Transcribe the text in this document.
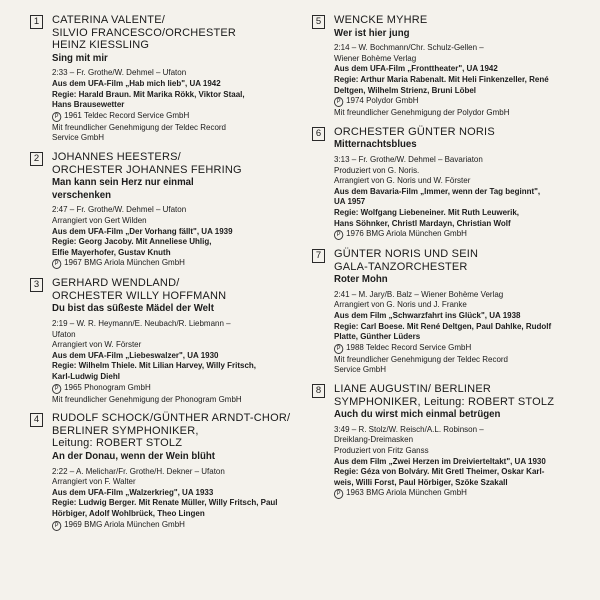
1	CATERINA VALENTE/
SILVIO FRANCESCO/ORCHESTER
HEINZ KIESSLING
Sing mit mir
2:33 – Fr. Grothe/W. Dehmel – Ufaton
Aus dem UFA-Film „Hab mich lieb", UA 1942
Regie: Harald Braun. Mit Marika Rökk, Viktor Staal,
Hans Brausewetter
P 1961 Teldec Record Service GmbH
Mit freundlicher Genehmigung der Teldec Record
Service GmbH
2	JOHANNES HEESTERS/
ORCHESTER JOHANNES FEHRING
Man kann sein Herz nur einmal
verschenken
2:47 – Fr. Grothe/W. Dehmel – Ufaton
Arrangiert von Gert Wilden
Aus dem UFA-Film „Der Vorhang fällt", UA 1939
Regie: Georg Jacoby. Mit Anneliese Uhlig,
Elfie Mayerhofer, Gustav Knuth
P 1967 BMG Ariola München GmbH
3	GERHARD WENDLAND/
ORCHESTER WILLY HOFFMANN
Du bist das süßeste Mädel der Welt
2:19 – W. R. Heymann/E. Neubach/R. Liebmann –
Ufaton
Arrangiert von W. Förster
Aus dem UFA-Film „Liebeswalzer", UA 1930
Regie: Wilhelm Thiele. Mit Lilian Harvey, Willy Fritsch,
Karl-Ludwig Diehl
P 1965 Phonogram GmbH
Mit freundlicher Genehmigung der Phonogram GmbH
4	RUDOLF SCHOCK/GÜNTHER ARNDT-CHOR/
BERLINER SYMPHONIKER,
Leitung: ROBERT STOLZ
An der Donau, wenn der Wein blüht
2:22 – A. Melichar/Fr. Grothe/H. Dekner – Ufaton
Arrangiert von F. Walter
Aus dem UFA-Film „Walzerkrieg", UA 1933
Regie: Ludwig Berger. Mit Renate Müller, Willy Fritsch, Paul
Hörbiger, Adolf Wohlbrück, Theo Lingen
P 1969 BMG Ariola München GmbH
5	WENCKE MYHRE
Wer ist hier jung
2:14 – W. Bochmann/Chr. Schulz-Gellen –
Wiener Bohème Verlag
Aus dem UFA-Film „Fronttheater", UA 1942
Regie: Arthur Maria Rabenalt. Mit Heli Finkenzeller, René
Deltgen, Wilhelm Strienz, Bruni Löbel
P 1974 Polydor GmbH
Mit freundlicher Genehmigung der Polydor GmbH
6	ORCHESTER GÜNTER NORIS
Mitternachtsblues
3:13 – Fr. Grothe/W. Dehmel – Bavariaton
Produziert von G. Noris.
Arrangiert von G. Noris und W. Förster
Aus dem Bavaria-Film „Immer, wenn der Tag beginnt",
UA 1957
Regie: Wolfgang Liebeneiner. Mit Ruth Leuwerik,
Hans Söhnker, Christl Mardayn, Christian Wolf
P 1976 BMG Ariola München GmbH
7	GÜNTER NORIS UND SEIN
GALA-TANZORCHESTER
Roter Mohn
2:41 – M. Jary/B. Balz – Wiener Bohème Verlag
Arrangiert von G. Noris und J. Franke
Aus dem Film „Schwarzfahrt ins Glück", UA 1938
Regie: Carl Boese. Mit René Deltgen, Paul Dahlke, Rudolf
Platte, Günther Lüders
P 1988 Teldec Record Service GmbH
Mit freundlicher Genehmigung der Teldec Record
Service GmbH
8	LIANE AUGUSTIN/ BERLINER
SYMPHONIKER, Leitung: ROBERT STOLZ
Auch du wirst mich einmal betrügen
3:49 – R. Stolz/W. Reisch/A.L. Robinson –
Dreiklang-Dreimasken
Produziert von Fritz Ganss
Aus dem Film „Zwei Herzen im Dreivierteltakt", UA 1930
Regie: Géza von Bolváry. Mit Gretl Theimer, Oskar Karl-
weis, Willi Forst, Paul Hörbiger, Szöke Szakall
P 1963 BMG Ariola München GmbH
